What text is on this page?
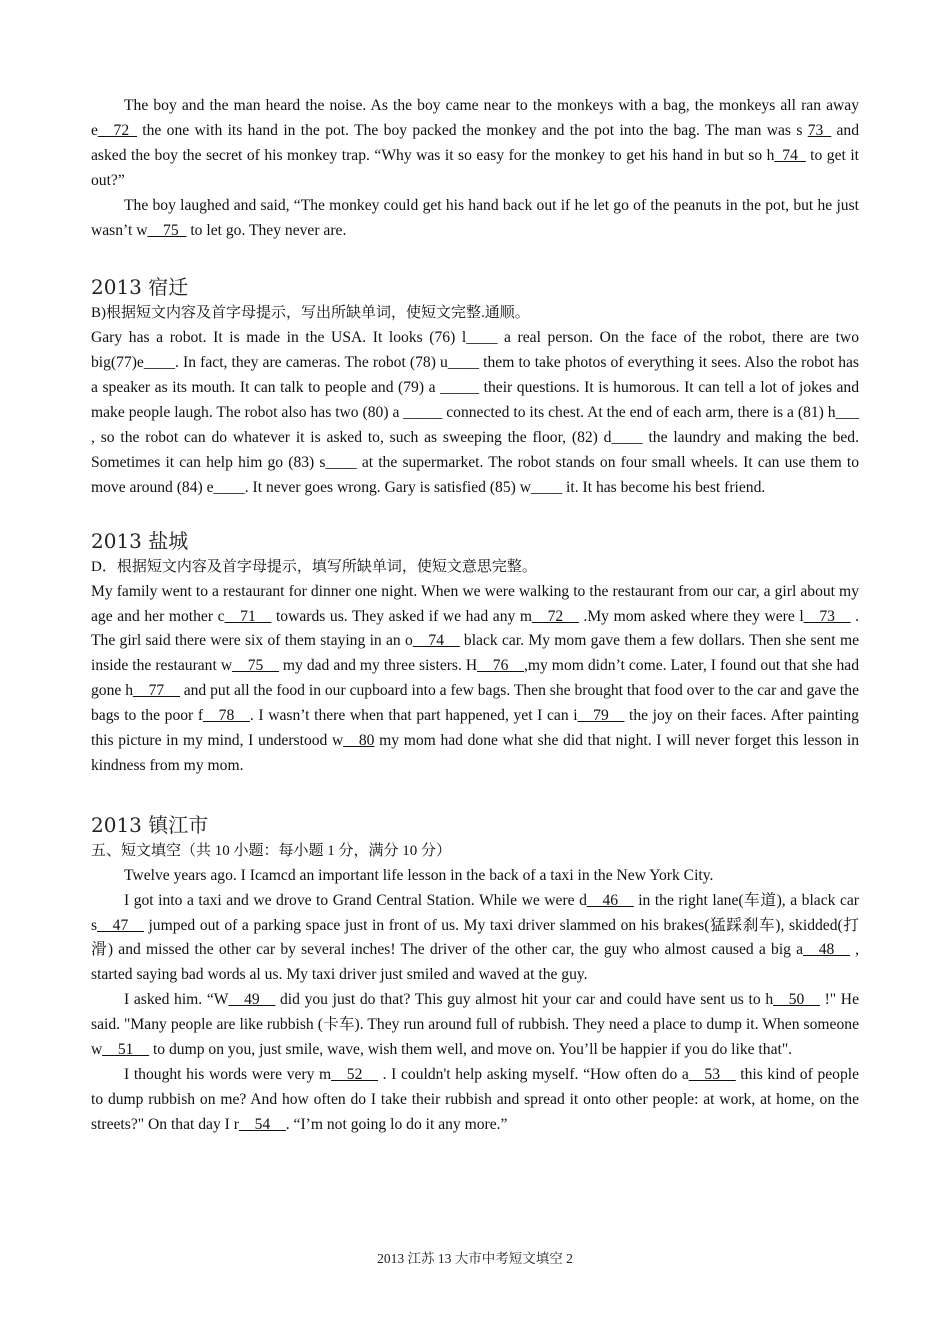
The boy and the man heard the noise. As the boy came near to the monkeys with a bag, the monkeys all ran away e__72_ the one with its hand in the pot. The boy packed the monkey and the pot into the bag. The man was s 73_ and asked the boy the secret of his monkey trap. “Why was it so easy for the monkey to get his hand in but so h_74_ to get it out?”

The boy laughed and said, “The monkey could get his hand back out if he let go of the peanuts in the pot, but he just wasn’t w__75_ to let go. They never are.

2013 宿迁

B)根据短文内容及首字母提示，写出所缺单词，使短文完整.通顺。

Gary has a robot. It is made in the USA. It looks (76) l____ a real person. On the face of the robot, there are two big(77)e____. In fact, they are cameras. The robot (78) u____ them to take photos of everything it sees. Also the robot has a speaker as its mouth. It can talk to people and (79) a _____ their questions. It is humorous. It can tell a lot of jokes and make people laugh. The robot also has two (80) a _____ connected to its chest. At the end of each arm, there is a (81) h___ , so the robot can do whatever it is asked to, such as sweeping the floor, (82) d____ the laundry and making the bed. Sometimes it can help him go (83) s____ at the supermarket. The robot stands on four small wheels. It can use them to move around (84) e____. It never goes wrong. Gary is satisfied (85) w____ it. It has become his best friend.

2013 盐城

D．根据短文内容及首字母提示，填写所缺单词，使短文意思完整。

My family went to a restaurant for dinner one night. When we were walking to the restaurant from our car, a girl about my age and her mother c__71__ towards us. They asked if we had any m__72__ .My mom asked where they were l__73__ . The girl said there were six of them staying in an o__74__ black car. My mom gave them a few dollars. Then she sent me inside the restaurant w__75__ my dad and my three sisters. H__76__,my mom didn’t come. Later, I found out that she had gone h__77__ and put all the food in our cupboard into a few bags. Then she brought that food over to the car and gave the bags to the poor f__78__. I wasn’t there when that part happened, yet I can i__79__ the joy on their faces. After painting this picture in my mind, I understood w__80 my mom had done what she did that night. I will never forget this lesson in kindness from my mom.

2013 镇江市

五、短文填空（共 10 小题：每小题 1 分，满分 10 分）

Twelve years ago. I Icamcd an important life lesson in the back of a taxi in the New York City.

I got into a taxi and we drove to Grand Central Station. While we were d__46__ in the right lane(车道), a black car s__47__ jumped out of a parking space just in front of us. My taxi driver slammed on his brakes(猛踩刹车), skidded(打滑) and missed the other car by several inches! The driver of the other car, the guy who almost caused a big a__48__ , started saying bad words al us. My taxi driver just smiled and waved at the guy.

I asked him. “W__49__ did you just do that? This guy almost hit your car and could have sent us to h__50__ !" He said. "Many people are like rubbish (卡车). They run around full of rubbish. They need a place to dump it. When someone w__51__ to dump on you, just smile, wave, wish them well, and move on. You’ll be happier if you do like that".

I thought his words were very m__52__ . I couldn't help asking myself. “How often do a__53__ this kind of people to dump rubbish on me? And how often do I take their rubbish and spread it onto other people: at work, at home, on the streets?" On that day I r__54__. “I’m not going lo do it any more.”

2013 江苏 13 大市中考短文填空 2
